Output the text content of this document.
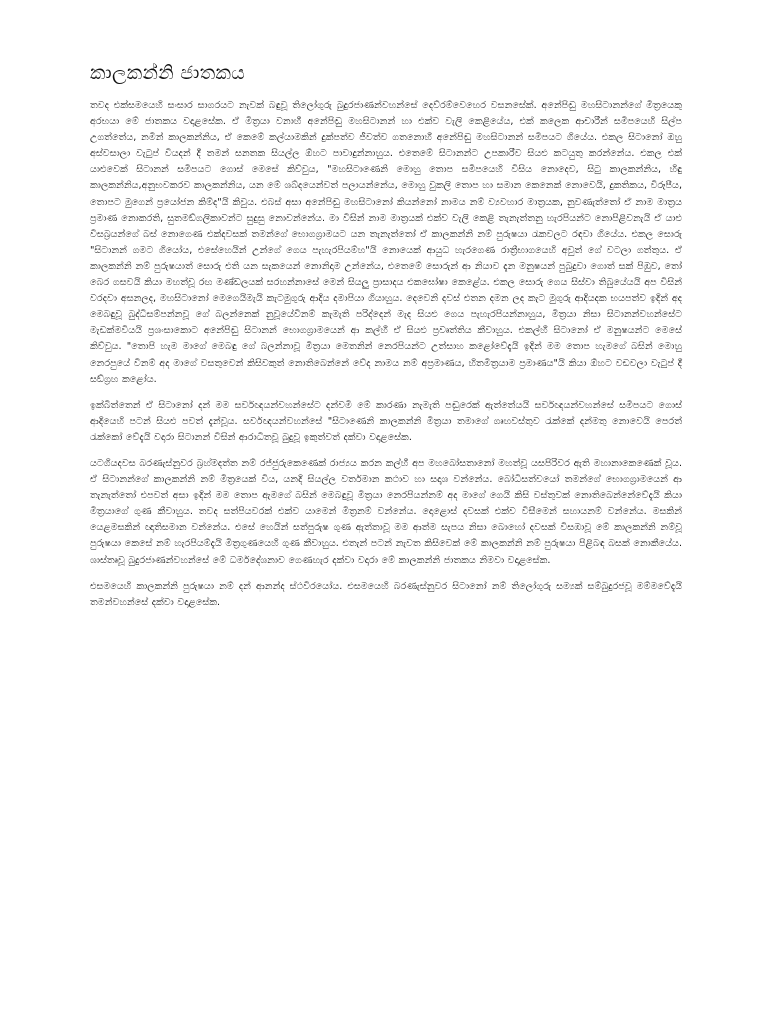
කාලකන්නි ජාතකය

තවද එක්සමයෙහි සංසාර සාගරයට නැවක් බඳුවූ තිලෝගුරු බුදුරජාණන්වහන්සේ දෙව්රම්වෙහෙර වසනසේක්. අනේපිඬු මහසිටානන්ගේ මිත්‍රයෙකු අරභයා මේ ජාතකය වදාළසේක. ඒ මිත්‍රයා වනාහී අනේපිඬු මහසිටානන් හා එක්ව වැලි කෙළියේය, එක් කලෙක ආචාරීන් සමීපයෙහි සිල්ප උගත්තේය, නමින් කාලකන්නිය, ඒ කෙමේ කල්යාමකින් දුක්පත්ව ජීවත්ව ගතනොහී අනේපිඬු මහසිටානන් සමීපයට ගියේය. එකල සිටානෝ ඔහු අස්වසාලා වැටුප් වියදන් දී තමන් සනතක සියල්ල ඕහට පාවාදුන්නාහුය. එතෙමේ සිටානන්ට උපකාරීව සියළු කටයුතු කරන්නේය. එකල එක් යාළුවෙක් සිටානන් සමීපයට ගොස් මෙසේ කිව්වුය, "මහසිටාණෙනි මොහු තොප සමීපයෙහි විසිය නොදෙව, සිටු කාලකන්නිය, හිඳු කාලකන්නිය,අනුභවකරව කාලකන්නිය, යන මේ ශබ්දයෙන්වත් පලායන්නේය, මොහු වුකලි තොප හා සමාන කෙනෙක් නොවෙයි, දුකතිකය, විරූපීය, තොපට මුගෙන් ප්‍රයෝජන කිම්ද"යි කිවුය. එබස් අසා අනේපිඬු මහසිටානෝ කියන්නෝ නාමය නම් ව්‍යවහාර මාත්‍රයක, නුවණැත්තෝ ඒ නාම මාත්‍රය ප්‍රමාණ නොකරති, සුතමඞ්ගලිකාවන්ට සුදුසු නොවන්නේය. මා විසින් නාම මාත්‍රයක් එක්ව වැලි කෙළි තැනැත්තනු හැරපියන්ට නොපිළිවනැයි ඒ යාළු විසබ්‍රයන්ගේ බස් නොගෙණ එක්දවසක් තමන්ගේ භොගග්‍රාමයට යන තැනැත්තෝ ඒ කාලකන්නි නම් පුරුෂයා රැකවලට රඳවා ගියේය. එකල සොරු "සිටානන් ගමට ගියෝය, එසේහෙයින් උන්ගේ ගෙය පැහැරපියම්හ"යි නොයෙක් ආයුධ හැරගෙණ රාත්‍රීභාගයෙහි අවුත් ගේ වටලා ගත්තුය. ඒ කාලකන්නි නම් පුරුෂයාත් සොරු එති යන සැකයෙන් නොනිදාම උන්නේය, එතෙමේ සොරුන් ආ නියාව දැන මනුෂයන් පුබුදුවා ගොත් සක් පිඹුව, තෝ බෙර ගසවයි කියා මහත්වූ රඟ මණ්ඩලයක් සරහන්නාසේ මෙන් සියලු ප්‍රාසාදය එකඝෝෂා කෙළේය. එකල සොරු ගෙය සිස්වා තිබුයේයයි අප විසින් වරදවා අසනලද, මහසිටානෝ මෙගෙයිමැයි කැටමුගුරු ආදිය දමාපියා ගියාහුය. දෙවෙනි දවස් එතන දමන ලද කැට මුගුරු ආදියදක භයපත්ව ඉදින් අද මෙබඳුවූ බුද්ධිසම්පන්නවූ ගේ බලන්නෙක් නුවූයේවීනම් කැමැති පරිද්දෙන් මැද සියළු ගෙය පැහැරපියන්නාහුය, මිත්‍රයා නිසා සිටානන්වහන්සේට මැඩක්මවියයි ප්‍රශංසාකොට අනේපිඬු සිටානන් භොගග්‍රාමයෙන් ආ කල්හී ඒ සියළු ප්‍රවෘත්තිය කීවාහුය. එකල්හී සිටානෝ ඒ මනුෂයන්ට මෙසේ කිව්වුය. "තොපි හැම මාගේ මෙබඳු ගේ බලන්නාවූ මිත්‍රයා මෙතනින් නෙරපියන්ට උත්සාහ කළෝවේදැයි ඉදින් මම තොප හැමගේ බසින් මොහු නෙරපුයේ විනම් අද මාගේ වසතුවෙන් කිසිවකුත් නොතිබෙන්නේ වේද නාමය නම් අප්‍රමාණය, හිතමිත්‍රයාම ප්‍රමාණය"යි කියා ඕහට වඩවලා වැටුප් දී සඞ්ග්‍රහ කළෝය.

ඉක්බිත්තෙන් ඒ සිටානෝ දන් මම සර්වඥයන්වහන්සේට දන්වමි මේ කාරණා නැමැති පඬුරෙක් ඇත්තේයයි සර්වඥයන්වහන්සේ සමීපයට ගොස් ආදියෙහි පටන් සියළු පවත් දැන්වූය. සර්වඥයන්වහන්සේ "සිටාණෙනි කාලකන්නි මිත්‍රයා තමාගේ ගෘහවස්තුව රැක්කේ දන්මතු නොවෙයි පෙරත් රැක්කෝ වේදැයි වදාරා සිටානන් විසින් ආරාධිතවූ බුදුවූ ඉකුත්වත් දක්වා වදාළසේක.

යටගියදවස බරණැස්නුවර බ්‍රහ්මදත්ත නම් රජ්ජුරුකෙණෙක් රාජ්‍යය කරන කල්හී අප මහබෝසතානෝ මහත්වූ යසපිරිවර ඇති මහානාකෙණෙක් වූය. ඒ සිටානන්ගේ කාලකන්නි නම් මිත්‍රයෙක් විය, යනදි සියල්ල වර්තමාන කථාව හා සදෘශ වන්නේය. බෝධිසත්වයෝ තමන්ගේ භොගග්‍රාමයෙන් ආ තැනැත්තෝ එපවත් අසා ඉදින් මම තොප ඇමගේ බසින් මෙබඳුවූ මිත්‍රයා නෙරපියන්නම් අද මාගේ ගෙයි කිසි වස්තුවක් නොතිබෙන්නේවේදැයි කියා මිත්‍රයාගේ ගුණ කීවාහුය. තවද සත්පියවරක් එක්ව යාමෙන් මිත්‍රනම් වන්නේය. දොළොස් දවසක් එක්ව විසීමෙන් සහායනම් වන්නේය. මසකින් යෙළමසකින් ඥාතිසමාන වන්නේය. එසේ හෙයින් සත්පුරුෂ ගුණ ඇත්තාවූ මම ආත්ම සැපය නිසා බොහෝ දවසක් විසඹාවූ මේ කාලකන්නි නම්වූ පුරුෂයා කෙසේ නම් හැරපියම්දැයි මිත්‍රගුණයෙහි ගුණ කීවාහුය. එතැන් පටන් නැවත කිසිවෙක් මේ කාලකන්නි නම් පුරුෂයා පිළිබඳ බසක් නොකීයේය. ශාස්තෘවූ බුදුරජාණන්වහන්සේ මේ ධර්මදේශනාව ගෙණහැර දක්වා වදාරා මේ කාලකන්නි ජාතකය නිමවා වදාළසේක.

එසමයෙහි කාලකන්නි පුරුෂයා නම් දන් ආනන්ද ස්ථවිරයෝය. එසමයෙහි බරණැස්නුවර සිටානෝ නම් තිලෝගුරු සම්‍යක් සම්බුදුරජවූ මම්මවේදැයි තමන්වහන්සේ දක්වා වදාළසේක.
